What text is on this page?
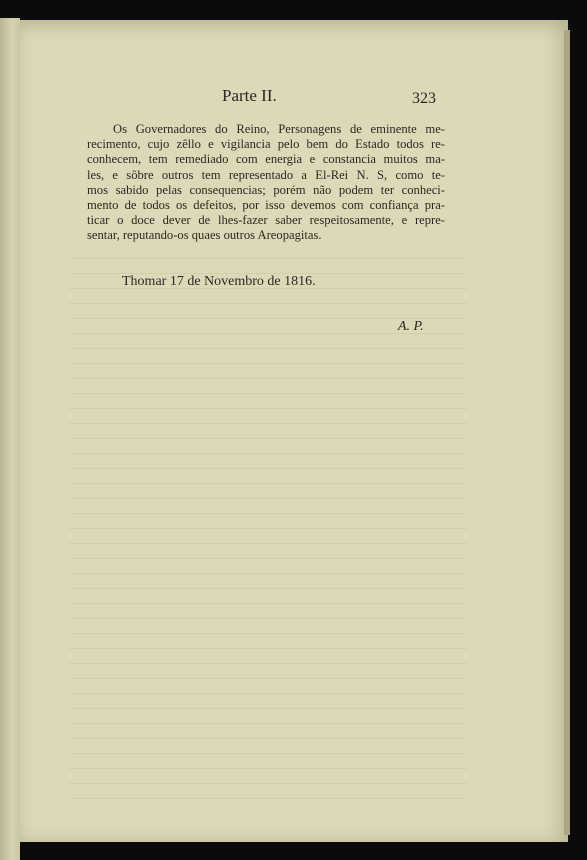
Parte II.	323
Os Governadores do Reino, Personagens de eminente me-
recimento, cujo zêllo e vigilancia pelo bem do Estado todos re-
conhecem, tem remediado com energia e constancia muitos ma-
les, e sôbre outros tem representado a El-Rei N. S, como te-
mos sabido pelas consequencias; porém não podem ter conheci-
mento de todos os defeitos, por isso devemos com confiança pra-
ticar o doce dever de lhes-fazer saber respeitosamente, e repre-
sentar, reputando-os quaes outros Areopagitas.
Thomar 17 de Novembro de 1816.
A. P.
